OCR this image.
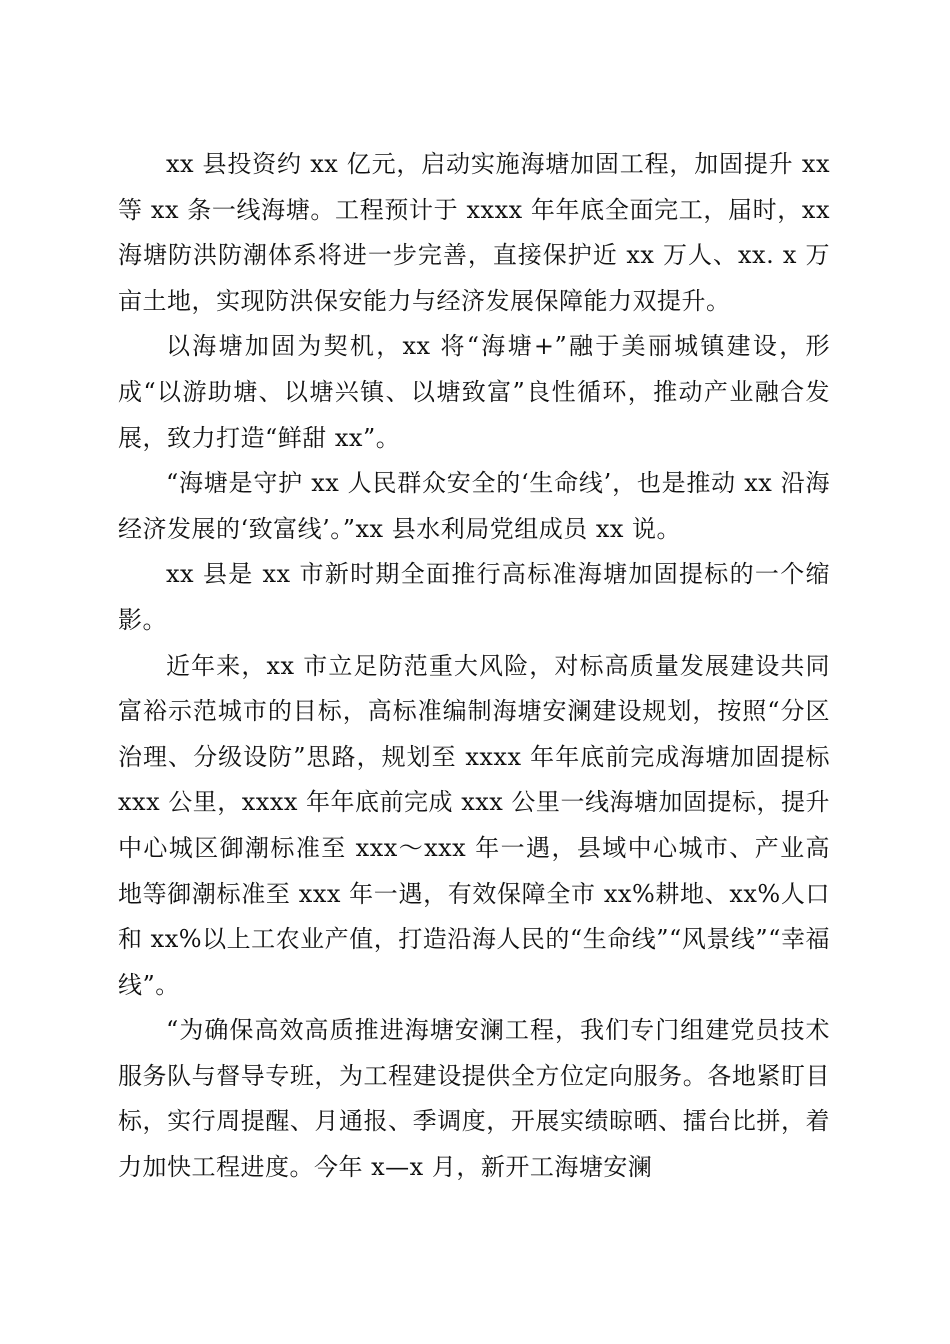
xx 县投资约 xx 亿元，启动实施海塘加固工程，加固提升 xx 等 xx 条一线海塘。工程预计于 xxxx 年年底全面完工，届时，xx 海塘防洪防潮体系将进一步完善，直接保护近 xx 万人、xx. x 万亩土地，实现防洪保安能力与经济发展保障能力双提升。

以海塘加固为契机，xx 将“海塘+”融于美丽城镇建设，形成“以游助塘、以塘兴镇、以塘致富”良性循环，推动产业融合发展，致力打造“鲜甜 xx”。

“海塘是守护 xx 人民群众安全的‘生命线’，也是推动 xx 沿海经济发展的‘致富线’。”xx 县水利局党组成员 xx 说。

xx 县是 xx 市新时期全面推行高标准海塘加固提标的一个缩影。

近年来，xx 市立足防范重大风险，对标高质量发展建设共同富裕示范城市的目标，高标准编制海塘安澜建设规划，按照“分区治理、分级设防”思路，规划至 xxxx 年年底前完成海塘加固提标 xxx 公里，xxxx 年年底前完成 xxx 公里一线海塘加固提标，提升中心城区御潮标准至 xxx～xxx 年一遇，县域中心城市、产业高地等御潮标准至 xxx 年一遇，有效保障全市 xx%耕地、xx%人口和 xx%以上工农业产值，打造沿海人民的“生命线”“风景线”“幸福线”。

“为确保高效高质推进海塘安澜工程，我们专门组建党员技术服务队与督导专班，为工程建设提供全方位定向服务。各地紧盯目标，实行周提醒、月通报、季调度，开展实绩晾晒、擂台比拼，着力加快工程进度。今年 x—x 月，新开工海塘安澜
